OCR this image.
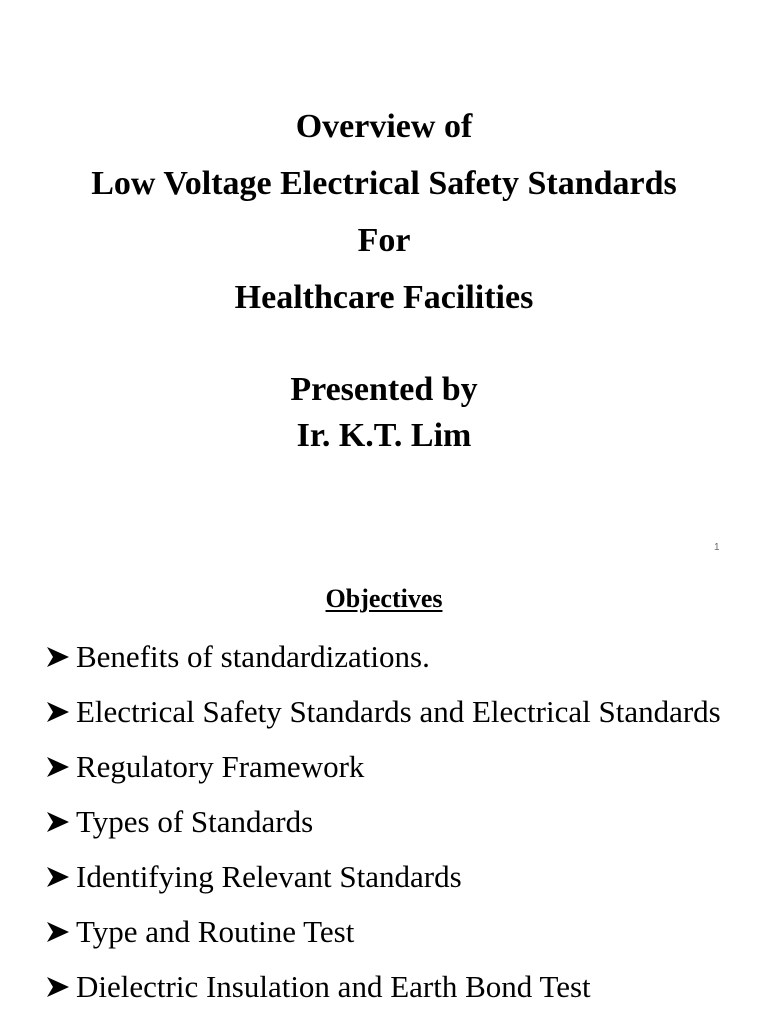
Overview of
Low Voltage Electrical Safety Standards
For
Healthcare Facilities
Presented by
Ir. K.T. Lim
1
Objectives
Benefits of standardizations.
Electrical Safety Standards and Electrical Standards
Regulatory Framework
Types of Standards
Identifying Relevant Standards
Type and Routine Test
Dielectric Insulation and Earth Bond Test
